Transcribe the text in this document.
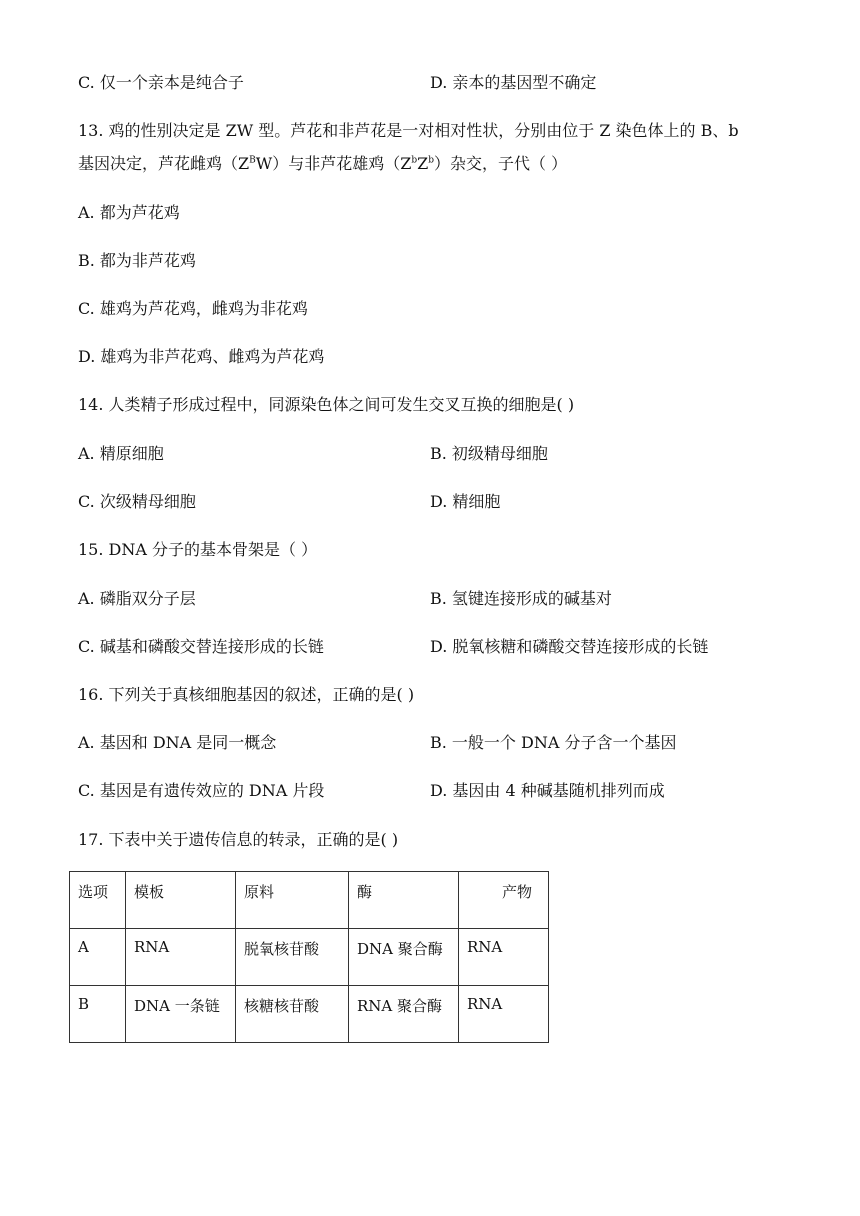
C. 仅一个亲本是纯合子	D. 亲本的基因型不确定
13. 鸡的性别决定是 ZW 型。芦花和非芦花是一对相对性状，分别由位于 Z 染色体上的 B、b
基因决定，芦花雌鸡$(Z^BW)$与非芦花雄鸡$(Z^bZ^b)$杂交，子代（ ）
A. 都为芦花鸡
B. 都为非芦花鸡
C. 雄鸡为芦花鸡，雌鸡为非花鸡
D. 雄鸡为非芦花鸡、雌鸡为芦花鸡
14. 人类精子形成过程中，同源染色体之间可发生交叉互换的细胞是( )
A. 精原细胞	B. 初级精母细胞
C. 次级精母细胞	D. 精细胞
15. DNA 分子的基本骨架是（ ）
A. 磷脂双分子层	B. 氢键连接形成的碱基对
C. 碱基和磷酸交替连接形成的长链	D. 脱氧核糖和磷酸交替连接形成的长链
16. 下列关于真核细胞基因的叙述，正确的是( )
A. 基因和 DNA 是同一概念	B. 一般一个 DNA 分子含一个基因
C. 基因是有遗传效应的 DNA 片段	D. 基因由 4 种碱基随机排列而成
17. 下表中关于遗传信息的转录，正确的是( )
选项	模板	原料	酶	产物
A	RNA	脱氧核苷酸	DNA 聚合酶	RNA
B	DNA 一条链	核糖核苷酸	RNA 聚合酶	RNA
